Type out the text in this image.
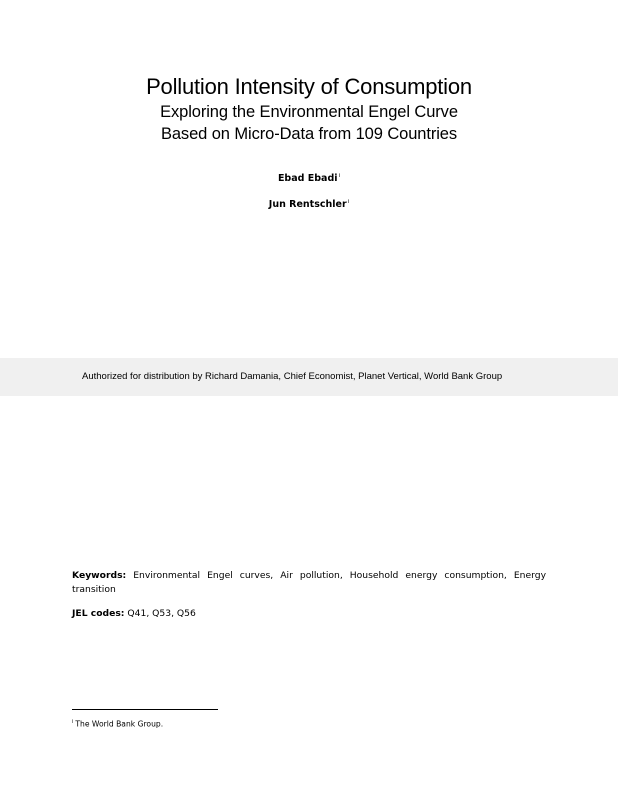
Pollution Intensity of Consumption

Exploring the Environmental Engel Curve

Based on Micro-Data from 109 Countries

Ebad Ebadi$^i$

Jun Rentschler$^i$

Authorized for distribution by Richard Damania, Chief Economist, Planet Vertical, World Bank Group
Keywords: Environmental Engel curves, Air pollution, Household energy consumption, Energy transition
JEL codes: Q41, Q53, Q56
$^i$ The World Bank Group.
